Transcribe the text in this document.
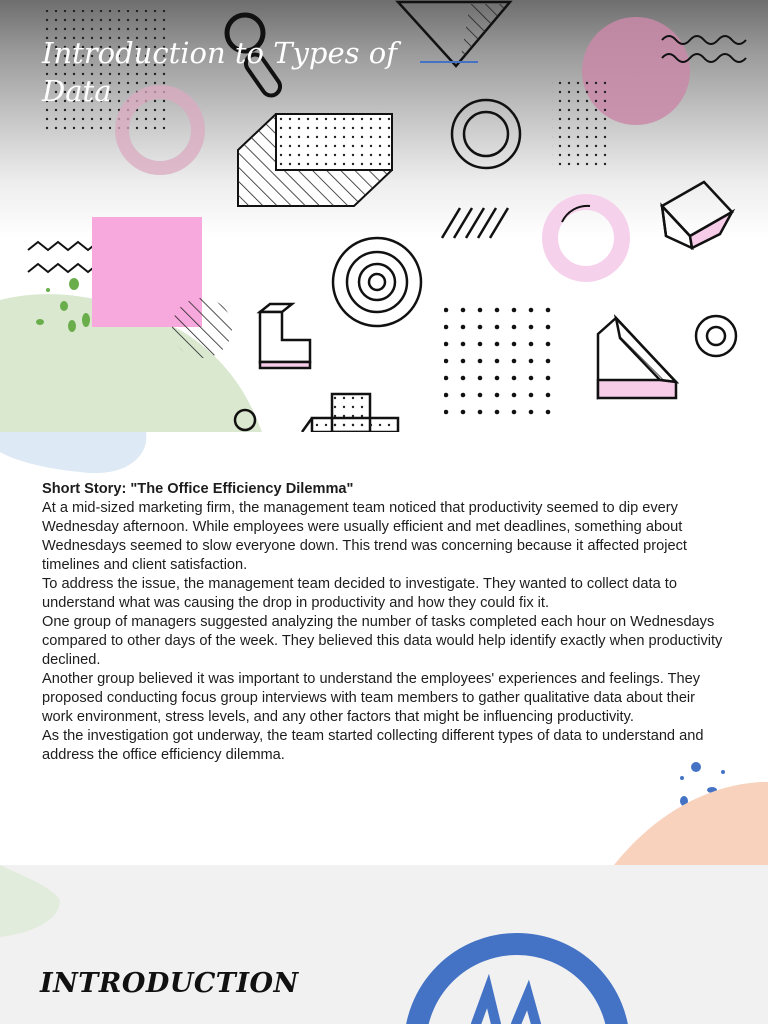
Introduction to Types of Data
Short Story: "The Office Efficiency Dilemma"

At a mid-sized marketing firm, the management team noticed that productivity seemed to dip every Wednesday afternoon. While employees were usually efficient and met deadlines, something about Wednesdays seemed to slow everyone down. This trend was concerning because it affected project timelines and client satisfaction.

To address the issue, the management team decided to investigate. They wanted to collect data to understand what was causing the drop in productivity and how they could fix it.

One group of managers suggested analyzing the number of tasks completed each hour on Wednesdays compared to other days of the week. They believed this data would help identify exactly when productivity declined.

Another group believed it was important to understand the employees' experiences and feelings. They proposed conducting focus group interviews with team members to gather qualitative data about their work environment, stress levels, and any other factors that might be influencing productivity.

As the investigation got underway, the team started collecting different types of data to understand and address the office efficiency dilemma.

INTRODUCTION
